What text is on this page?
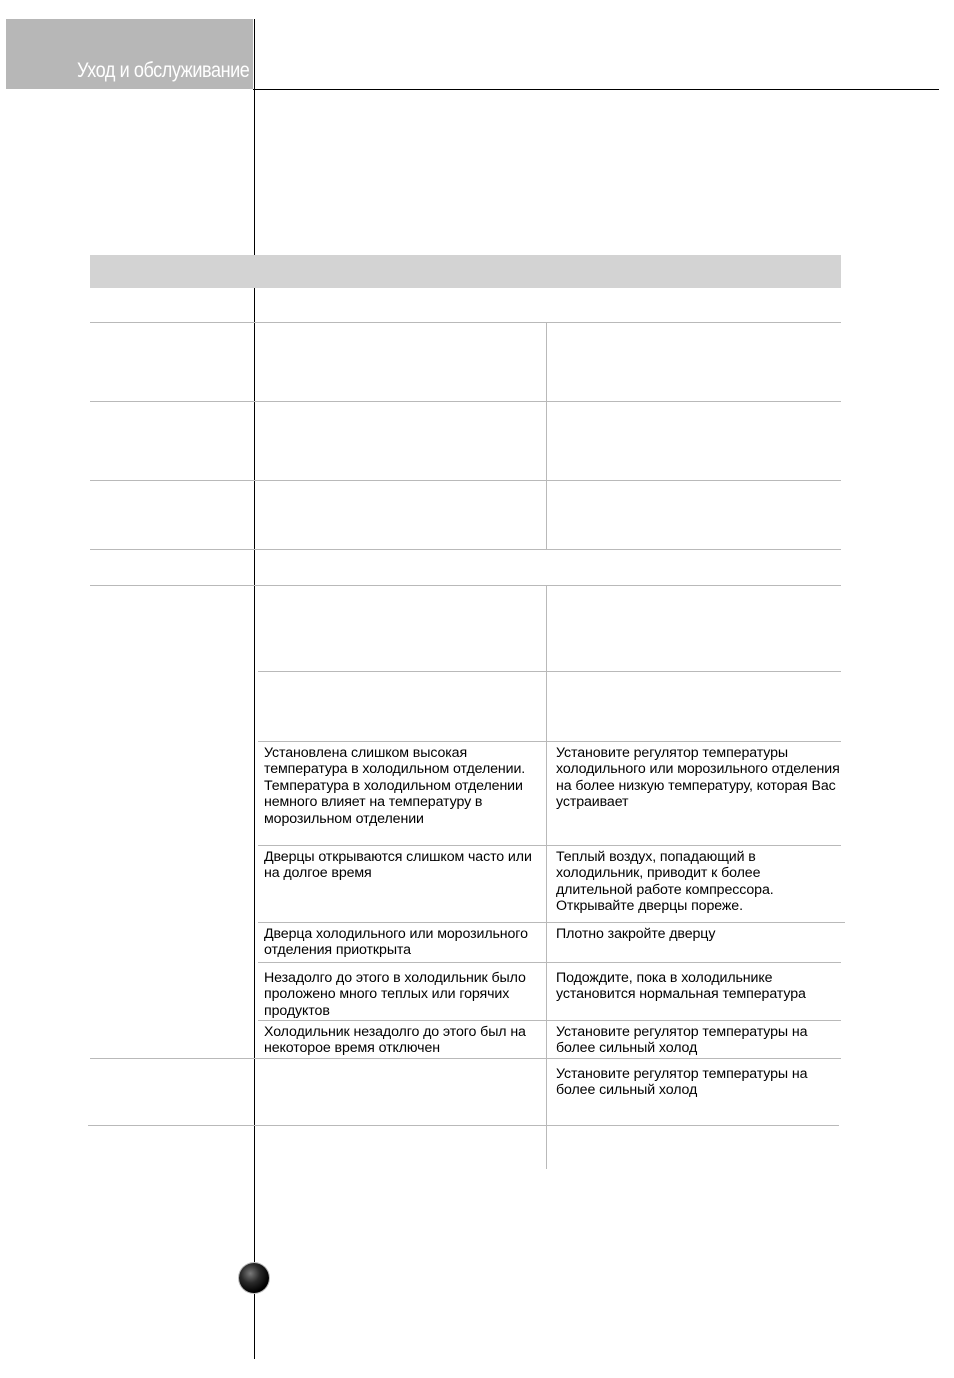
Уход и обслуживание

Установлена слишком высокая температура в холодильном отделении. Температура в холодильном отделении немного влияет на температуру в морозильном отделении

Установите регулятор температуры холодильного или морозильного отделения на более низкую температуру, которая Вас устраивает

Дверцы открываются слишком часто или на долгое время

Теплый воздух, попадающий в холодильник, приводит к более длительной работе компрессора. Открывайте дверцы пореже.

Дверца холодильного или морозильного отделения приоткрыта

Плотно закройте дверцу

Незадолго до этого в холодильник было проложено много теплых или горячих продуктов

Подождите, пока в холодильнике установится нормальная температура

Холодильник незадолго до этого был на некоторое время отключен

Установите регулятор температуры на более сильный холод

Установите регулятор температуры на более сильный холод
